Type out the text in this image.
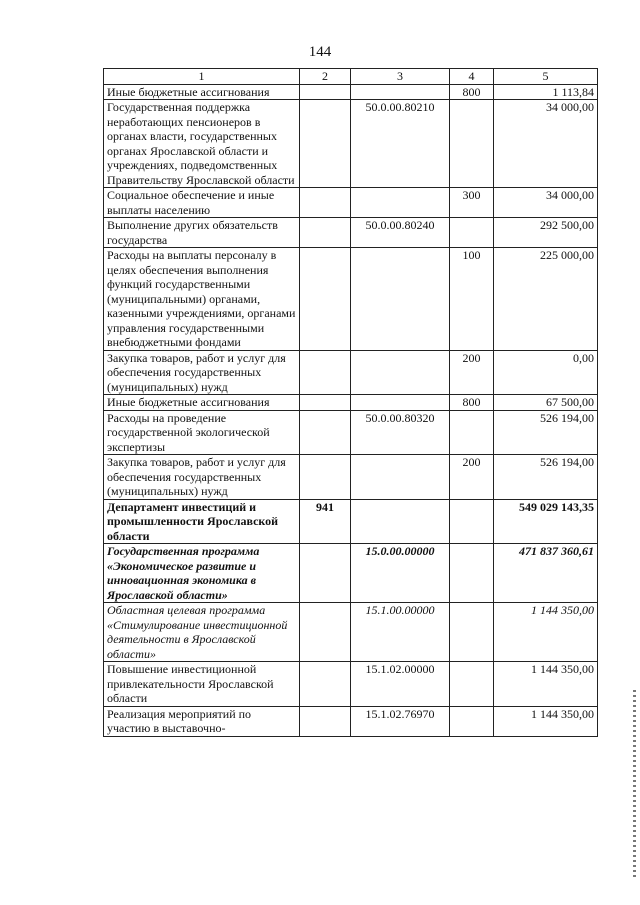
144
1	2	3	4	5
Иные бюджетные ассигнования			800	1 113,84
Государственная поддержка неработающих пенсионеров в органах власти, государственных органах Ярославской области и учреждениях, подведомственных Правительству Ярославской области		50.0.00.80210		34 000,00
Социальное обеспечение и иные выплаты населению			300	34 000,00
Выполнение других обязательств государства		50.0.00.80240		292 500,00
Расходы на выплаты персоналу в целях обеспечения выполнения функций государственными (муниципальными) органами, казенными учреждениями, органами управления государственными внебюджетными фондами			100	225 000,00
Закупка товаров, работ и услуг для обеспечения государственных (муниципальных) нужд			200	0,00
Иные бюджетные ассигнования			800	67 500,00
Расходы на проведение государственной экологической экспертизы		50.0.00.80320		526 194,00
Закупка товаров, работ и услуг для обеспечения государственных (муниципальных) нужд			200	526 194,00
Департамент инвестиций и промышленности Ярославской области	941			549 029 143,35
Государственная программа «Экономическое развитие и инновационная экономика в Ярославской области»		15.0.00.00000		471 837 360,61
Областная целевая программа «Стимулирование инвестиционной деятельности в Ярославской области»		15.1.00.00000		1 144 350,00
Повышение инвестиционной привлекательности Ярославской области		15.1.02.00000		1 144 350,00
Реализация мероприятий по участию в выставочно-		15.1.02.76970		1 144 350,00
